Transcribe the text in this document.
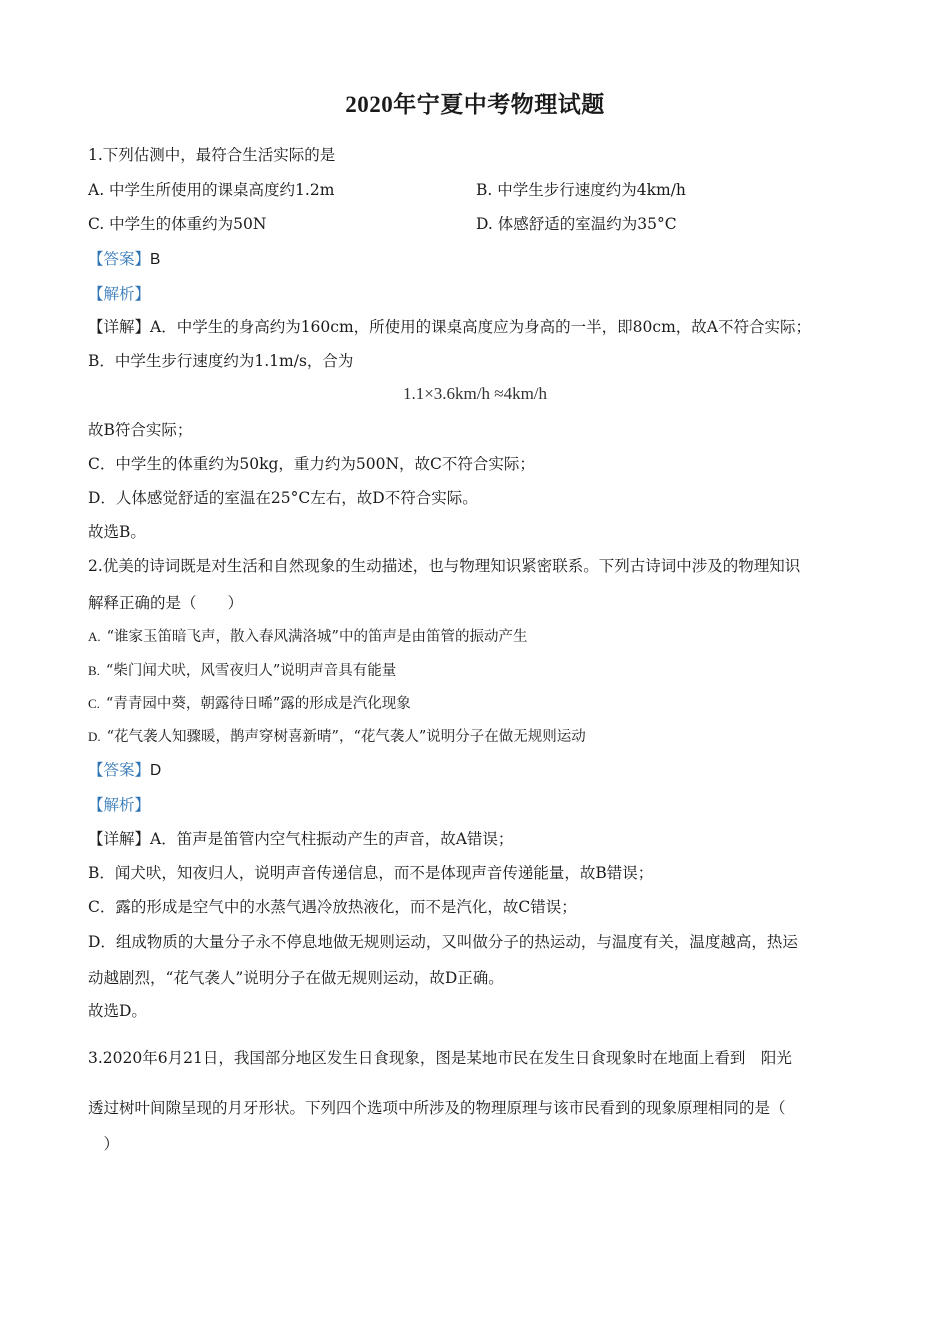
2020年宁夏中考物理试题
1.下列估测中，最符合生活实际的是
A. 中学生所使用的课桌高度约1.2m	B. 中学生步行速度约为4km/h
C. 中学生的体重约为50N	D. 体感舒适的室温约为35°C
【答案】B
【解析】
【详解】A．中学生的身高约为160cm，所使用的课桌高度应为身高的一半，即80cm，故A不符合实际；
B．中学生步行速度约为1.1m/s，合为
1.1×3.6km/h ≈4km/h
故B符合实际；
C．中学生的体重约为50kg，重力约为500N，故C不符合实际；
D．人体感觉舒适的室温在25°C左右，故D不符合实际。
故选B。
2.优美的诗词既是对生活和自然现象的生动描述，也与物理知识紧密联系。下列古诗词中涉及的物理知识
解释正确的是（　　）
A. “谁家玉笛暗飞声，散入春风满洛城”中的笛声是由笛管的振动产生
B. “柴门闻犬吠，风雪夜归人”说明声音具有能量
C. “青青园中葵，朝露待日晞”露的形成是汽化现象
D. “花气袭人知骤暖，鹊声穿树喜新晴”，“花气袭人”说明分子在做无规则运动
【答案】D
【解析】
【详解】A．笛声是笛管内空气柱振动产生的声音，故A错误；
B．闻犬吠，知夜归人，说明声音传递信息，而不是体现声音传递能量，故B错误；
C．露的形成是空气中的水蒸气遇冷放热液化，而不是汽化，故C错误；
D．组成物质的大量分子永不停息地做无规则运动，又叫做分子的热运动，与温度有关，温度越高，热运
动越剧烈，“花气袭人”说明分子在做无规则运动，故D正确。
故选D。
3.2020年6月21日，我国部分地区发生日食现象，图是某地市民在发生日食现象时在地面上看到　阳光
透过树叶间隙呈现的月牙形状。下列四个选项中所涉及的物理原理与该市民看到的现象原理相同的是（
　）
